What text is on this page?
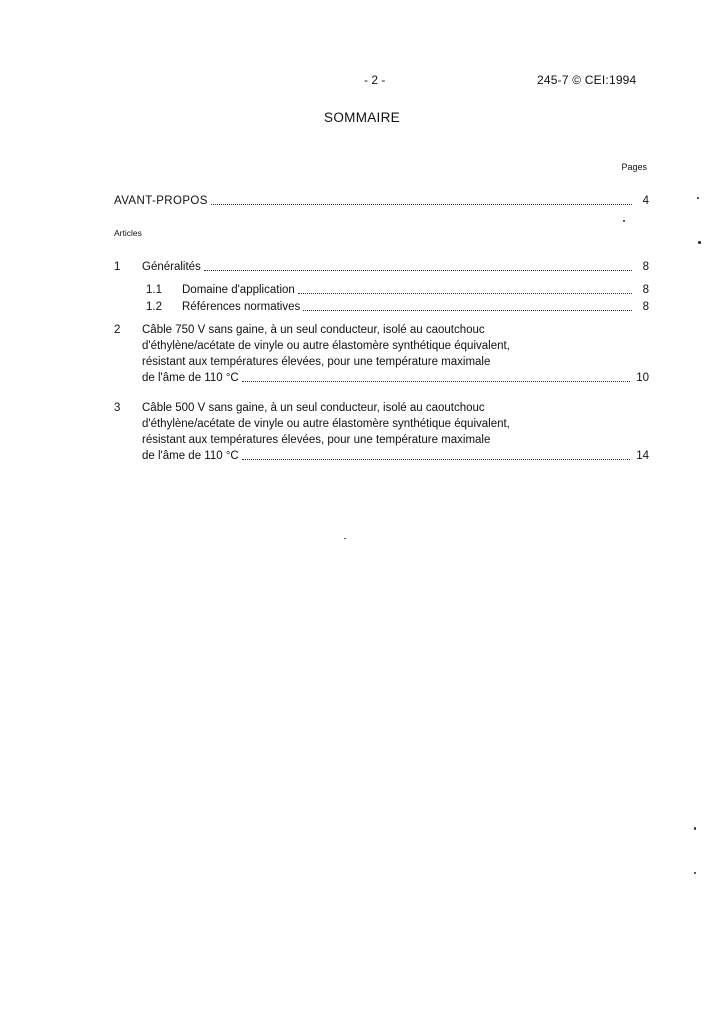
- 2 -	245-7 © CEI:1994
SOMMAIRE
Pages
AVANT-PROPOS	4
Articles
1	Généralités	8
1.1	Domaine d'application	8
1.2	Références normatives	8
2	Câble 750 V sans gaine, à un seul conducteur, isolé au caoutchouc
d'éthylène/acétate de vinyle ou autre élastomère synthétique équivalent,
résistant aux températures élevées, pour une température maximale
de l'âme de 110 °C	10
3	Câble 500 V sans gaine, à un seul conducteur, isolé au caoutchouc
d'éthylène/acétate de vinyle ou autre élastomère synthétique équivalent,
résistant aux températures élevées, pour une température maximale
de l'âme de 110 °C	14
